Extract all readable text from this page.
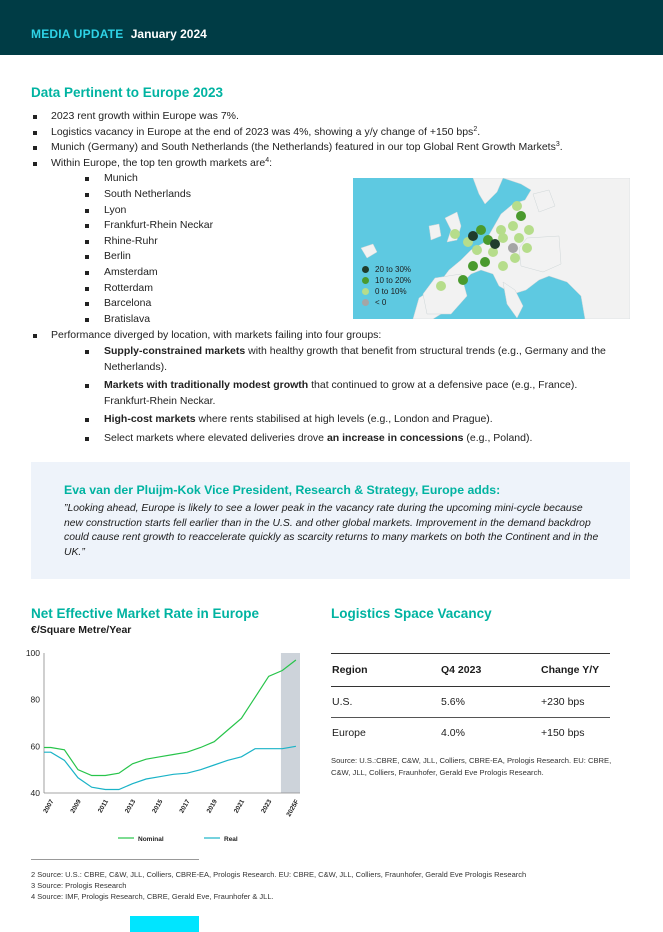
MEDIA UPDATE January 2024
Data Pertinent to Europe 2023
2023 rent growth within Europe was 7%.
Logistics vacancy in Europe at the end of 2023 was 4%, showing a y/y change of +150 bps$^2$.
Munich (Germany) and South Netherlands (the Netherlands) featured in our top Global Rent Growth Markets$^3$.
Within Europe, the top ten growth markets are$^4$:
Munich
South Netherlands
Lyon
Frankfurt-Rhein Neckar
Rhine-Ruhr
Berlin
Amsterdam
Rotterdam
Barcelona
Bratislava
Performance diverged by location, with markets failing into four groups:
Supply-constrained markets with healthy growth that benefit from structural trends (e.g., Germany and the Netherlands).
Markets with traditionally modest growth that continued to grow at a defensive pace (e.g., France). Frankfurt-Rhein Neckar.
High-cost markets where rents stabilised at high levels (e.g., London and Prague).
Select markets where elevated deliveries drove an increase in concessions (e.g., Poland).
20 to 30%
10 to 20%
0 to 10%
< 0
Eva van der Pluijm-Kok Vice President, Research & Strategy, Europe adds:
”Looking ahead, Europe is likely to see a lower peak in the vacancy rate during the upcoming mini-cycle because new construction starts fell earlier than in the U.S. and other global markets. Improvement in the demand backdrop could cause rent growth to reaccelerate quickly as scarcity returns to many markets on both the Continent and in the UK.”
Net Effective Market Rate in Europe
€/Square Metre/Year
40
60
80
100
2007 2009 2011 2013 2015 2017 2019 2021 2023 2025F
Nominal	Real
Logistics Space Vacancy
Region	Q4 2023	Change Y/Y
U.S.	5.6%	+230 bps
Europe	4.0%	+150 bps
Source: U.S.:CBRE, C&W, JLL, Colliers, CBRE-EA, Prologis Research. EU: CBRE, C&W, JLL, Colliers, Fraunhofer, Gerald Eve Prologis Research.
2 Source: U.S.: CBRE, C&W, JLL, Colliers, CBRE-EA, Prologis Research. EU: CBRE, C&W, JLL, Colliers, Fraunhofer, Gerald Eve Prologis Research
3 Source: Prologis Research
4 Source: IMF, Prologis Research, CBRE, Gerald Eve, Fraunhofer & JLL.
